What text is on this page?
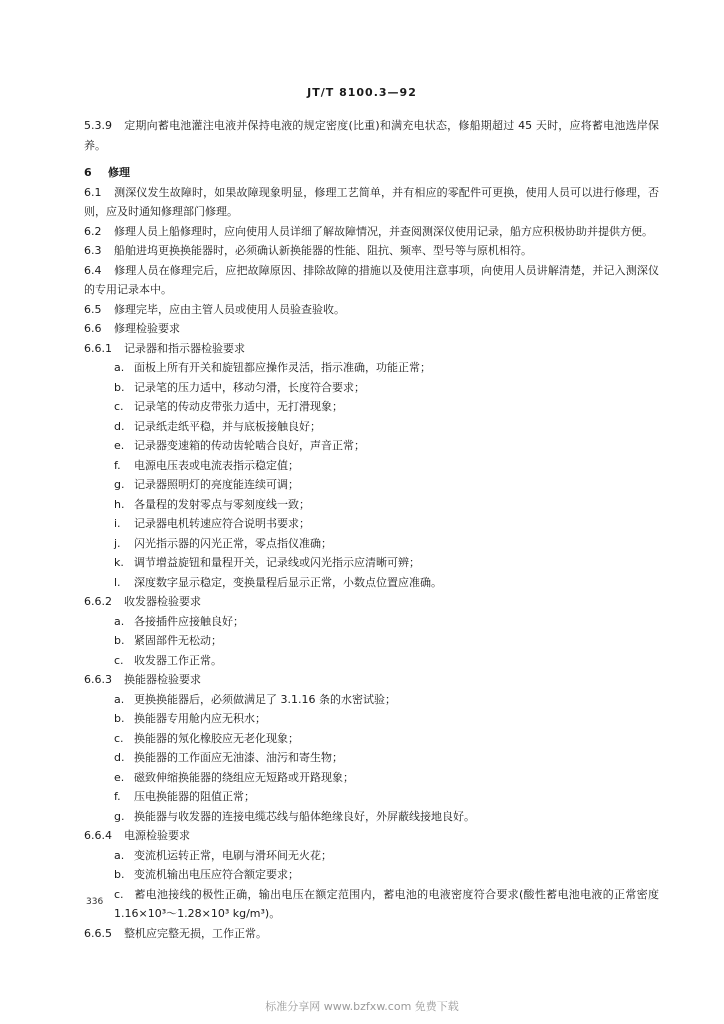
JT/T 8100.3—92

5.3.9 定期向蓄电池灌注电液并保持电液的规定密度(比重)和满充电状态，修船期超过 45 天时，应将蓄电池选岸保养。

6 修理

6.1 测深仪发生故障时，如果故障现象明显，修理工艺简单，并有相应的零配件可更换，使用人员可以进行修理，否则，应及时通知修理部门修理。

6.2 修理人员上船修理时，应向使用人员详细了解故障情况，并查阅测深仪使用记录，船方应积极协助并提供方便。

6.3 船舶进坞更换换能器时，必须确认新换能器的性能、阻抗、频率、型号等与原机相符。

6.4 修理人员在修理完后，应把故障原因、排除故障的措施以及使用注意事项，向使用人员讲解清楚，并记入测深仪的专用记录本中。

6.5 修理完毕，应由主管人员或使用人员验查验收。

6.6 修理检验要求

6.6.1 记录器和指示器检验要求

a. 面板上所有开关和旋钮都应操作灵活，指示准确，功能正常；

b. 记录笔的压力适中，移动匀滑，长度符合要求；

c. 记录笔的传动皮带张力适中，无打滑现象；

d. 记录纸走纸平稳，并与底板接触良好；

e. 记录器变速箱的传动齿轮啮合良好，声音正常；

f. 电源电压表或电流表指示稳定值；

g. 记录器照明灯的亮度能连续可调；

h. 各量程的发射零点与零刻度线一致；

i. 记录器电机转速应符合说明书要求；

j. 闪光指示器的闪光正常，零点指仪准确；

k. 调节增益旋钮和量程开关，记录线或闪光指示应清晰可辨；

l. 深度数字显示稳定，变换量程后显示正常，小数点位置应准确。

6.6.2 收发器检验要求

a. 各接插件应接触良好；

b. 紧固部件无松动；

c. 收发器工作正常。

6.6.3 换能器检验要求

a. 更换换能器后，必须做满足了 3.1.16 条的水密试验；

b. 换能器专用舱内应无积水；

c. 换能器的氖化橡胶应无老化现象；

d. 换能器的工作面应无油漆、油污和寄生物；

e. 磁致伸缩换能器的绕组应无短路或开路现象；

f. 压电换能器的阻值正常；

g. 换能器与收发器的连接电缆芯线与船体绝缘良好，外屏蔽线接地良好。

6.6.4 电源检验要求

a. 变流机运转正常，电刷与滑环间无火花；

b. 变流机输出电压应符合额定要求；

c. 蓄电池接线的极性正确，输出电压在额定范围内，蓄电池的电液密度符合要求(酸性蓄电池电液的正常密度 1.16×10³～1.28×10³ kg/m³)。

6.6.5 整机应完整无损，工作正常。

336
标准分享网 www.bzfxw.com 免费下载
